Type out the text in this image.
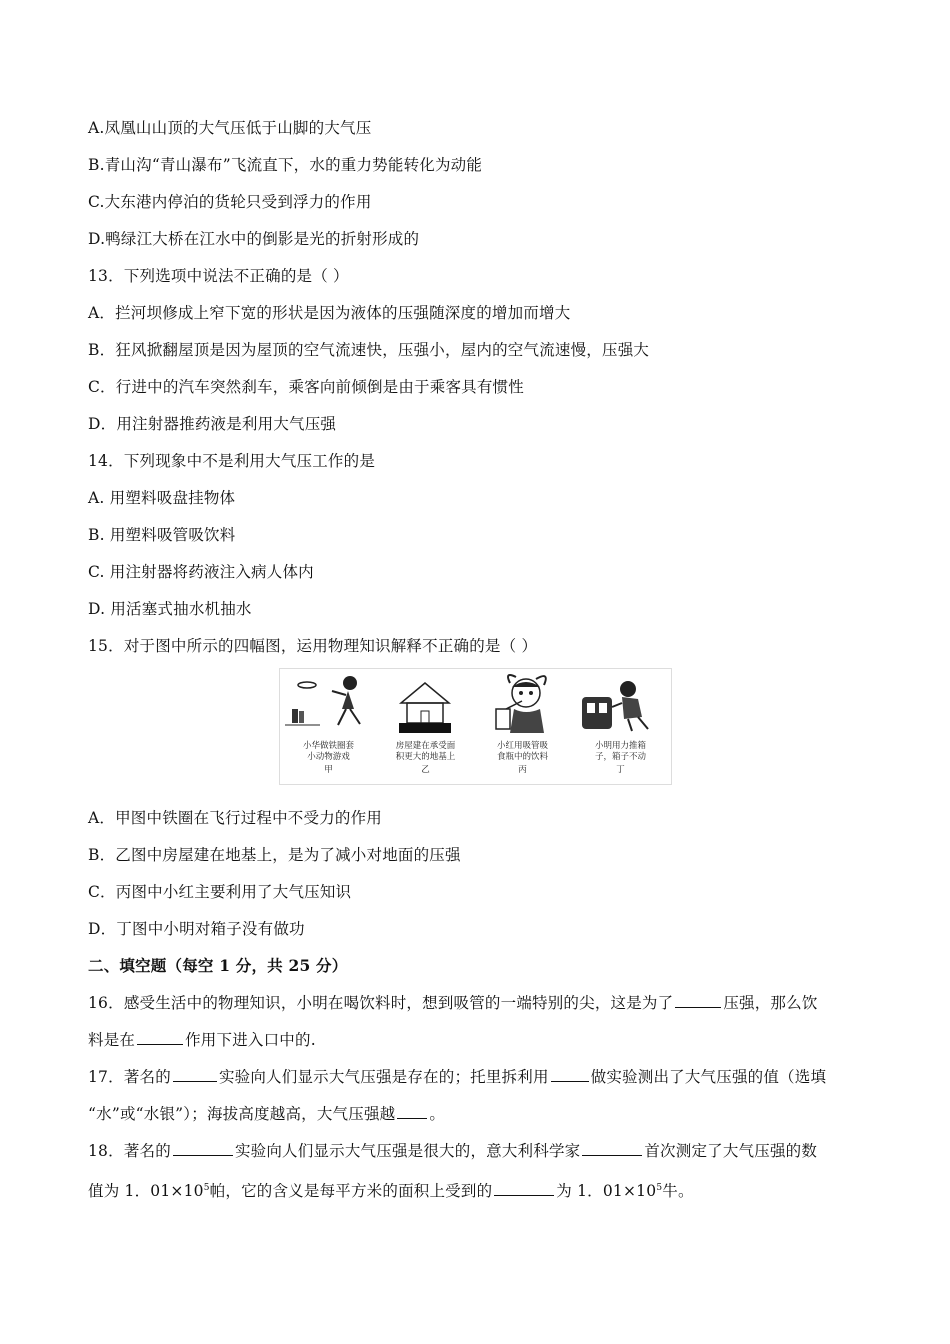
A.凤凰山山顶的大气压低于山脚的大气压
B.青山沟“青山瀑布”飞流直下，水的重力势能转化为动能
C.大东港内停泊的货轮只受到浮力的作用
D.鸭绿江大桥在江水中的倒影是光的折射形成的
13．下列选项中说法不正确的是（ ）
A．拦河坝修成上窄下宽的形状是因为液体的压强随深度的增加而增大
B．狂风掀翻屋顶是因为屋顶的空气流速快，压强小，屋内的空气流速慢，压强大
C．行进中的汽车突然刹车，乘客向前倾倒是由于乘客具有惯性
D．用注射器推药液是利用大气压强
14．下列现象中不是利用大气压工作的是
A. 用塑料吸盘挂物体
B. 用塑料吸管吸饮料
C. 用注射器将药液注入病人体内
D. 用活塞式抽水机抽水
15．对于图中所示的四幅图，运用物理知识解释不正确的是（ ）
小华做铁圈套
小动物游戏
甲
房屋建在承受面
积更大的地基上
乙
小红用吸管吸
食瓶中的饮料
丙
小明用力推箱
子，箱子不动
丁
A．甲图中铁圈在飞行过程中不受力的作用
B．乙图中房屋建在地基上，是为了减小对地面的压强
C．丙图中小红主要利用了大气压知识
D．丁图中小明对箱子没有做功
二、填空题（每空 1 分，共 25 分）
16．感受生活中的物理知识，小明在喝饮料时，想到吸管的一端特别的尖，这是为了	压强，那么饮
料是在	作用下进入口中的.
17．著名的	实验向人们显示大气压强是存在的；托里拆利用	做实验测出了大气压强的值（选填
“水”或“水银”）；海拔高度越高，大气压强越 。
18．著名的	实验向人们显示大气压强是很大的，意大利科学家	首次测定了大气压强的数
值为 1．$01\times 10^5$帕，它的含义是每平方米的面积上受到的	为 1．$01\times 10^5$牛。
